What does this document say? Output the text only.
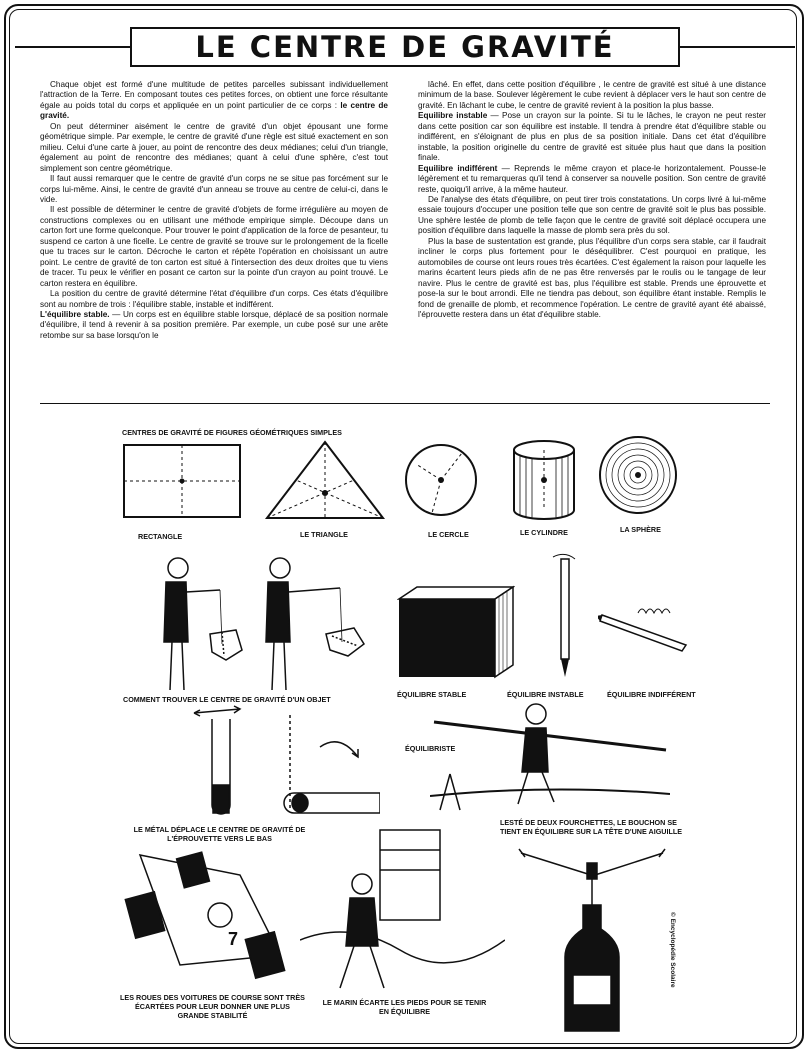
LE CENTRE DE GRAVITÉ

Chaque objet est formé d'une multitude de petites parcelles subissant individuellement l'attraction de la Terre. En composant toutes ces petites forces, on obtient une force résultante égale au poids total du corps et appliquée en un point particulier de ce corps : le centre de gravité.

On peut déterminer aisément le centre de gravité d'un objet épousant une forme géométrique simple. Par exemple, le centre de gravité d'une règle est situé exactement en son milieu. Celui d'une carte à jouer, au point de rencontre des deux médianes; celui d'un triangle, également au point de rencontre des médianes; quant à celui d'une sphère, c'est tout simplement son centre géométrique.

Il faut aussi remarquer que le centre de gravité d'un corps ne se situe pas forcément sur le corps lui-même. Ainsi, le centre de gravité d'un anneau se trouve au centre de celui-ci, dans le vide.

Il est possible de déterminer le centre de gravité d'objets de forme irrégulière au moyen de constructions complexes ou en utilisant une méthode empirique simple. Découpe dans un carton fort une forme quelconque. Pour trouver le point d'application de la force de pesanteur, tu suspend ce carton à une ficelle. Le centre de gravité se trouve sur le prolongement de la ficelle que tu traces sur le carton. Décroche le carton et répète l'opération en choisissant un autre point. Le centre de gravité de ton carton est situé à l'intersection des deux droites que tu viens de tracer. Tu peux le vérifier en posant ce carton sur la pointe d'un crayon au point trouvé. Le carton restera en équilibre.

La position du centre de gravité détermine l'état d'équilibre d'un corps. Ces états d'équilibre sont au nombre de trois : l'équilibre stable, instable et indifférent.

L'équilibre stable. — Un corps est en équilibre stable lorsque, déplacé de sa position normale d'équilibre, il tend à revenir à sa position première. Par exemple, un cube posé sur une arête retombe sur sa base lorsqu'on le

lâché. En effet, dans cette position d'équilibre , le centre de gravité est situé à une distance minimum de la base. Soulever légèrement le cube revient à déplacer vers le haut son centre de gravité. En lâchant le cube, le centre de gravité revient à la position la plus basse.

Equilibre instable — Pose un crayon sur la pointe. Si tu le lâches, le crayon ne peut rester dans cette position car son équilibre est instable. Il tendra à prendre état d'équilibre stable ou indifférent, en s'éloignant de plus en plus de sa position initiale. Dans cet état d'équilibre instable, la position originelle du centre de gravité est située plus haut que dans la position finale.

Equilibre indifférent — Reprends le même crayon et place-le horizontalement. Pousse-le légèrement et tu remarqueras qu'il tend à conserver sa nouvelle position. Son centre de gravité reste, quoiqu'il arrive, à la même hauteur.

De l'analyse des états d'équilibre, on peut tirer trois constatations. Un corps livré à lui-même essaie toujours d'occuper une position telle que son centre de gravité soit le plus bas possible. Une sphère lestée de plomb de telle façon que le centre de gravité soit déplacé occupera une position d'équilibre dans laquelle la masse de plomb sera près du sol.

Plus la base de sustentation est grande, plus l'équilibre d'un corps sera stable, car il faudrait incliner le corps plus fortement pour le déséquilibrer. C'est pourquoi en pratique, les automobiles de course ont leurs roues très écartées. C'est également la raison pour laquelle les marins écartent leurs pieds afin de ne pas être renversés par le roulis ou le tangage de leur navire. Plus le centre de gravité est bas, plus l'équilibre est stable. Prends une éprouvette et pose-la sur le bout arrondi. Elle ne tiendra pas debout, son équilibre étant instable. Remplis le fond de grenaille de plomb, et recommence l'opération. Le centre de gravité ayant été abaissé, l'éprouvette restera dans un état d'équilibre stable.

CENTRES DE GRAVITÉ DE FIGURES GÉOMÉTRIQUES SIMPLES
RECTANGLE	LE TRIANGLE	LE CERCLE	LE CYLINDRE	LA SPHÈRE
COMMENT TROUVER LE CENTRE DE GRAVITÉ D'UN OBJET
ÉQUILIBRE STABLE	ÉQUILIBRE INSTABLE	ÉQUILIBRE INDIFFÉRENT
LE MÉTAL DÉPLACE LE CENTRE DE GRAVITÉ DE L'ÉPROUVETTE VERS LE BAS
ÉQUILIBRISTE
LESTÉ DE DEUX FOURCHETTES, LE BOUCHON SE TIENT EN ÉQUILIBRE SUR LA TÊTE D'UNE AIGUILLE
7
LES ROUES DES VOITURES DE COURSE SONT TRÈS ÉCARTÉES POUR LEUR DONNER UNE PLUS GRANDE STABILITÉ
LE MARIN ÉCARTE LES PIEDS POUR SE TENIR EN ÉQUILIBRE
© Encyclopédie Scolaire
